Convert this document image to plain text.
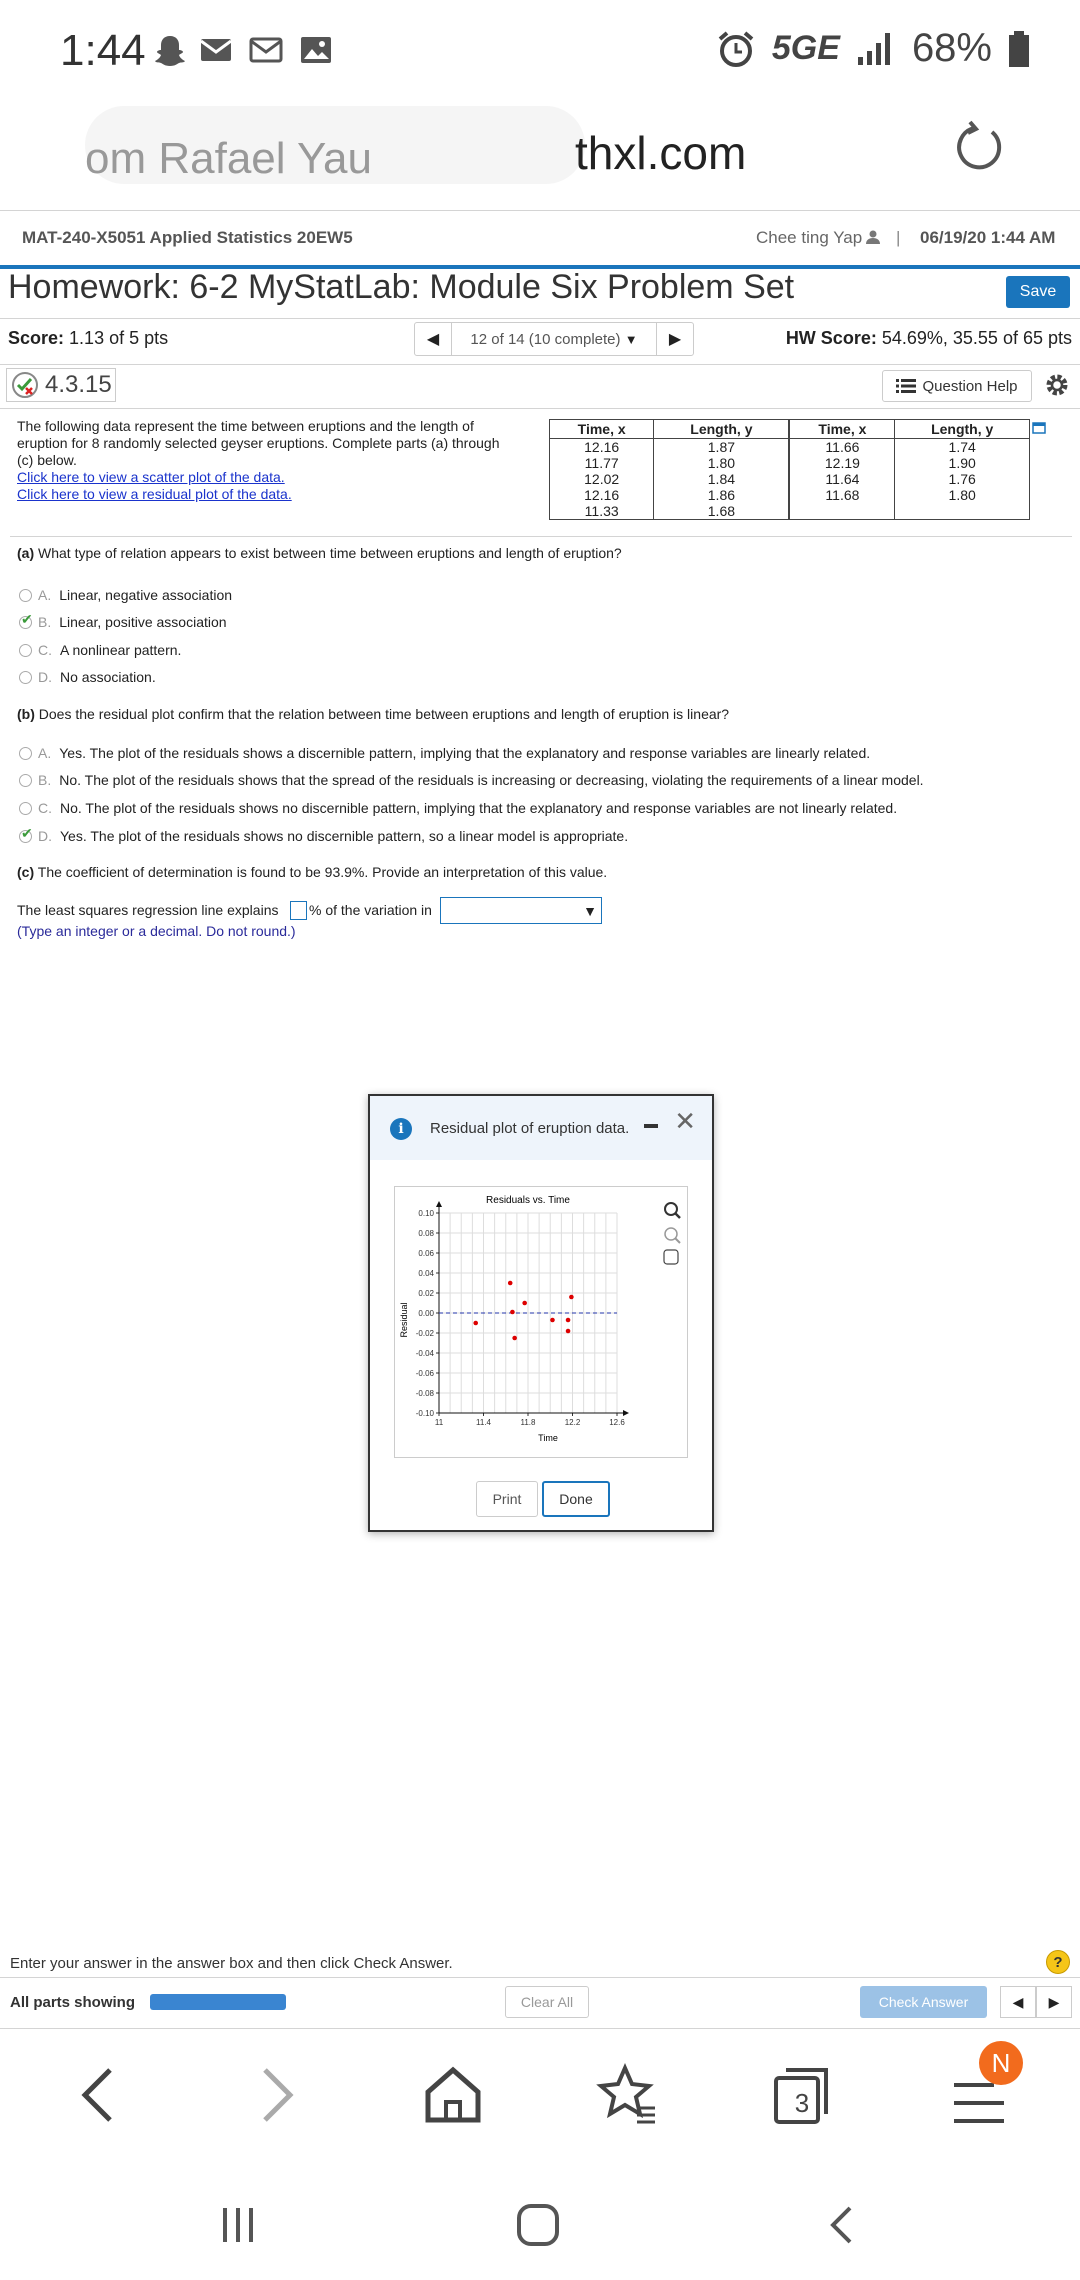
1:44	5GE 68%
om Rafael Yau	thxl.com
MAT-240-X5051 Applied Statistics 20EW5	Chee ting Yap | 06/19/20 1:44 AM
Homework: 6-2 MyStatLab: Module Six Problem Set	Save
Score: 1.13 of 5 pts	◀	12 of 14 (10 complete)
▼	▶	HW Score: 54.69%, 35.55 of 65 pts
4.3.15	Question Help
The following data represent the time between eruptions and the length of
eruption for 8 randomly selected geyser eruptions. Complete parts (a) through
(c) below.
Click here to view a scatter plot of the data.
Click here to view a residual plot of the data.
Time, x	Length, y	Time, x	Length, y
12.16	1.87	11.66	1.74
11.77	1.80	12.19	1.90
12.02	1.84	11.64	1.76
12.16	1.86	11.68	1.80
11.33	1.68		
(a) What type of relation appears to exist between time between eruptions and length of eruption?
A. Linear, negative association
✔
B. Linear, positive association
C. A nonlinear pattern.
D. No association.
(b) Does the residual plot confirm that the relation between time between eruptions and length of eruption is linear?
A. Yes. The plot of the residuals shows a discernible pattern, implying that the explanatory and response variables are linearly related.
B. No. The plot of the residuals shows that the spread of the residuals is increasing or decreasing, violating the requirements of a linear model.
C. No. The plot of the residuals shows no discernible pattern, implying that the explanatory and response variables are not linearly related.
✔
D. Yes. The plot of the residuals shows no discernible pattern, so a linear model is appropriate.
(c) The coefficient of determination is found to be 93.9%. Provide an interpretation of this value.
The least squares regression line explains % of the variation in	▼
(Type an integer or a decimal. Do not round.)
i	Residual plot of eruption data. ✕
Residuals vs. Time
Time
Residual
0.10
0.08
0.06
0.04
0.02
0.00
-0.02
-0.04
-0.06
-0.08
-0.10
11	11.4	11.8	12.2	12.6
Print	Done
Enter your answer in the answer box and then click Check Answer.	?
All parts showing	Clear All	Check Answer	◀	▶
3
N
